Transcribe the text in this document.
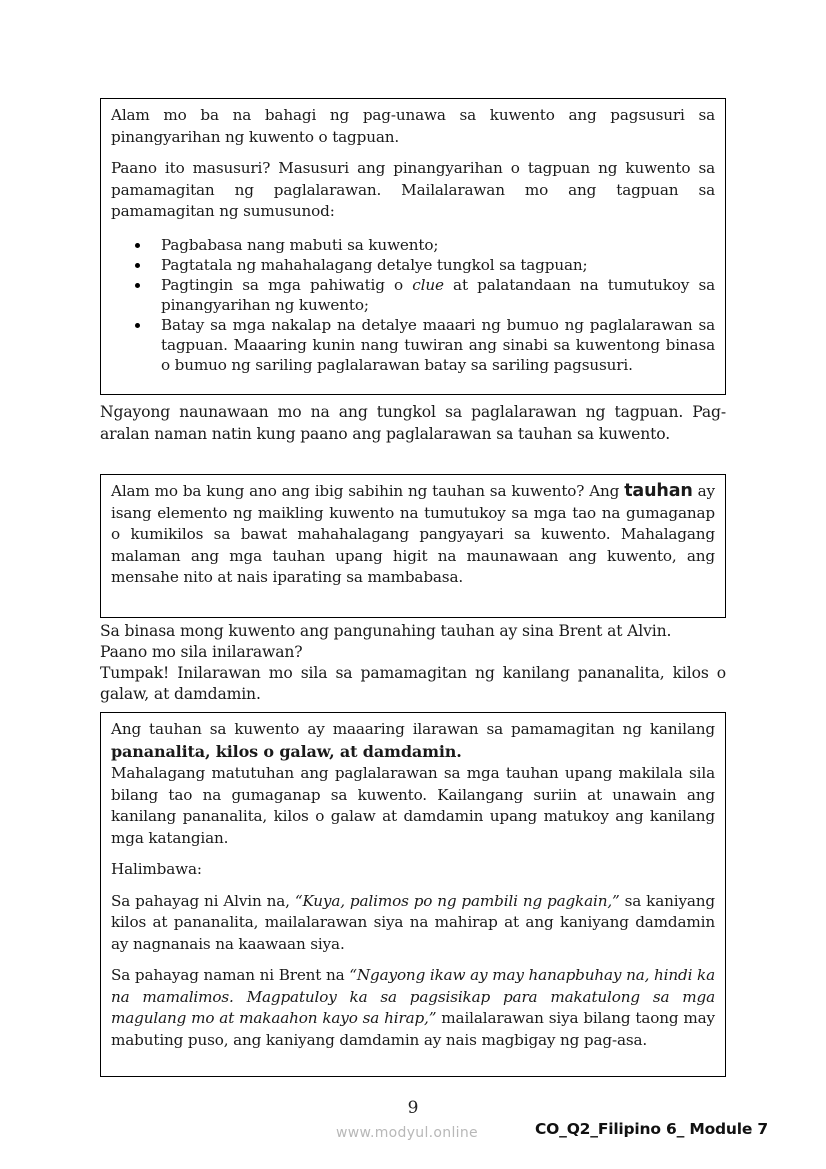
Alam mo ba na bahagi ng pag-unawa sa kuwento ang pagsusuri sa pinangyarihan ng kuwento o tagpuan.

Paano ito masusuri? Masusuri ang pinangyarihan o tagpuan ng kuwento sa pamamagitan ng paglalarawan. Mailalarawan mo ang tagpuan sa pamamagitan ng sumusunod:

Pagbabasa nang mabuti sa kuwento;
Pagtatala ng mahahalagang detalye tungkol sa tagpuan;
Pagtingin sa mga pahiwatig o clue at palatandaan na tumutukoy sa pinangyarihan ng kuwento;
Batay sa mga nakalap na detalye maaari ng bumuo ng paglalarawan sa tagpuan. Maaaring kunin nang tuwiran ang sinabi sa kuwentong binasa o bumuo ng sariling paglalarawan batay sa sariling pagsusuri.

Ngayong naunawaan mo na ang tungkol sa paglalarawan ng tagpuan. Pag-aralan naman natin kung paano ang paglalarawan sa tauhan sa kuwento.

Alam mo ba kung ano ang ibig sabihin ng tauhan sa kuwento? Ang tauhan ay isang elemento ng maikling kuwento na tumutukoy sa mga tao na gumaganap o kumikilos sa bawat mahahalagang pangyayari sa kuwento. Mahalagang malaman ang mga tauhan upang higit na maunawaan ang kuwento, ang mensahe nito at nais iparating sa mambabasa.

Sa binasa mong kuwento ang pangunahing tauhan ay sina Brent at Alvin.
Paano mo sila inilarawan?
Tumpak! Inilarawan mo sila sa pamamagitan ng kanilang pananalita, kilos o galaw, at damdamin.

Ang tauhan sa kuwento ay maaaring ilarawan sa pamamagitan ng kanilang pananalita, kilos o galaw, at damdamin.
Mahalagang matutuhan ang paglalarawan sa mga tauhan upang makilala sila bilang tao na gumaganap sa kuwento. Kailangang suriin at unawain ang kanilang pananalita, kilos o galaw at damdamin upang matukoy ang kanilang mga katangian.

Halimbawa:

Sa pahayag ni Alvin na, “Kuya, palimos po ng pambili ng pagkain,” sa kaniyang kilos at pananalita, mailalarawan siya na mahirap at ang kaniyang damdamin ay nagnanais na kaawaan siya.

Sa pahayag naman ni Brent na “Ngayong ikaw ay may hanapbuhay na, hindi ka na mamalimos. Magpatuloy ka sa pagsisikap para makatulong sa mga magulang mo at makaahon kayo sa hirap,” mailalarawan siya bilang taong may mabuting puso, ang kaniyang damdamin ay nais magbigay ng pag-asa.

9
www.modyul.online	CO_Q2_Filipino 6_ Module 7
